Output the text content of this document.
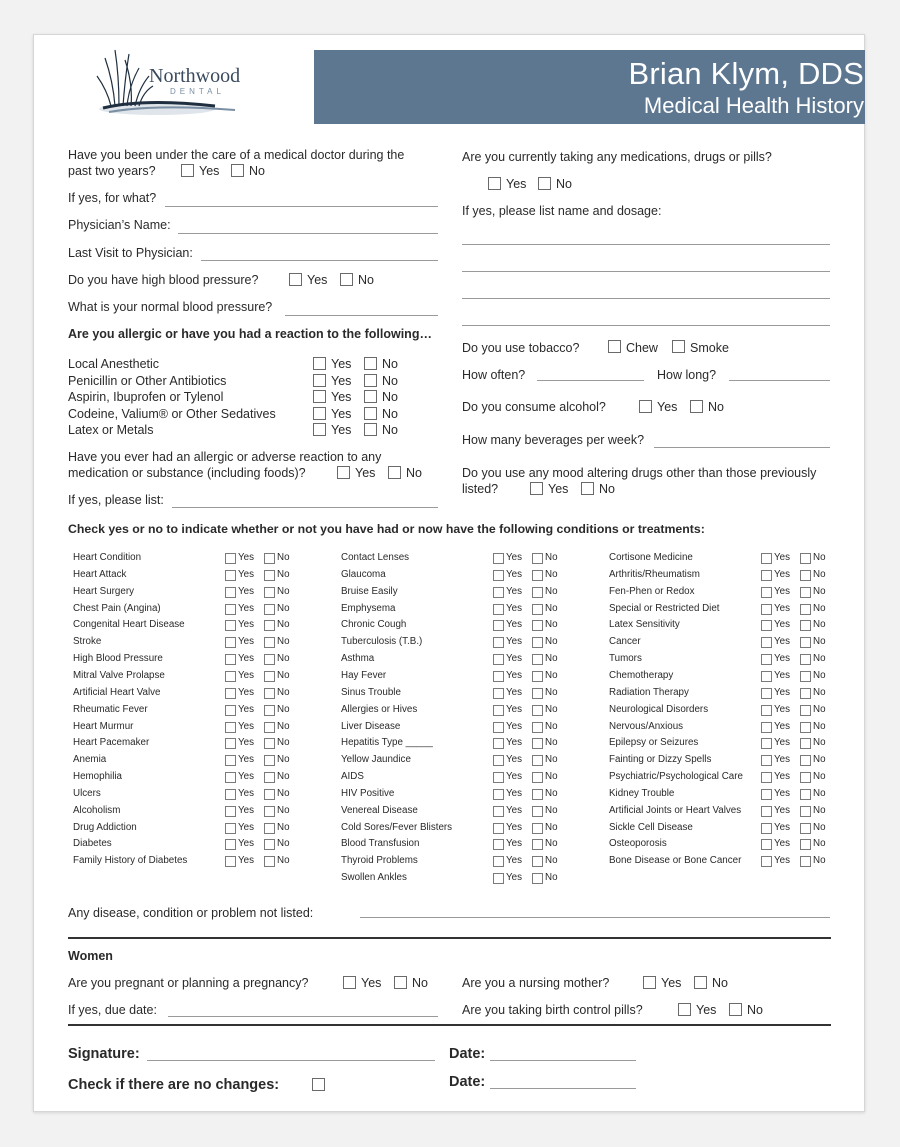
Northwood
DENTAL
Brian Klym, DDS
Medical Health History
Have you been under the care of a medical doctor during the
past two years?	Yes No
If yes, for what?
Physician’s Name:
Last Visit to Physician:
Do you have high blood pressure?	Yes No
What is your normal blood pressure?
Are you allergic or have you had a reaction to the following…
Local Anesthetic	Yes No
Penicillin or Other Antibiotics	Yes No
Aspirin, Ibuprofen or Tylenol	Yes No
Codeine, Valium® or Other Sedatives	Yes No
Latex or Metals	Yes No
Have you ever had an allergic or adverse reaction to any
medication or substance (including foods)?	Yes No
If yes, please list:
Are you currently taking any medications, drugs or pills?
Yes No
If yes, please list name and dosage:
Do you use tobacco?	Chew	Smoke
How often?	How long?
Do you consume alcohol?	Yes No
How many beverages per week?
Do you use any mood altering drugs other than those previously
listed?	Yes No
Check yes or no to indicate whether or not you have had or now have the following conditions or treatments:
Heart Condition	Yes No
Heart Attack	Yes No
Heart Surgery	Yes No
Chest Pain (Angina)	Yes No
Congenital Heart Disease	Yes No
Stroke	Yes No
High Blood Pressure	Yes No
Mitral Valve Prolapse	Yes No
Artificial Heart Valve	Yes No
Rheumatic Fever	Yes No
Heart Murmur	Yes No
Heart Pacemaker	Yes No
Anemia	Yes No
Hemophilia	Yes No
Ulcers	Yes No
Alcoholism	Yes No
Drug Addiction	Yes No
Diabetes	Yes No
Family History of Diabetes	Yes No
Contact Lenses	Yes No
Glaucoma	Yes No
Bruise Easily	Yes No
Emphysema	Yes No
Chronic Cough	Yes No
Tuberculosis (T.B.)	Yes No
Asthma	Yes No
Hay Fever	Yes No
Sinus Trouble	Yes No
Allergies or Hives	Yes No
Liver Disease	Yes No
Hepatitis Type _____	Yes No
Yellow Jaundice	Yes No
AIDS	Yes No
HIV Positive	Yes No
Venereal Disease	Yes No
Cold Sores/Fever Blisters	Yes No
Blood Transfusion	Yes No
Thyroid Problems	Yes No
Swollen Ankles	Yes No
Cortisone Medicine	Yes No
Arthritis/Rheumatism	Yes No
Fen-Phen or Redox	Yes No
Special or Restricted Diet	Yes No
Latex Sensitivity	Yes No
Cancer	Yes No
Tumors	Yes No
Chemotherapy	Yes No
Radiation Therapy	Yes No
Neurological Disorders	Yes No
Nervous/Anxious	Yes No
Epilepsy or Seizures	Yes No
Fainting or Dizzy Spells	Yes No
Psychiatric/Psychological Care	Yes No
Kidney Trouble	Yes No
Artificial Joints or Heart Valves	Yes No
Sickle Cell Disease	Yes No
Osteoporosis	Yes No
Bone Disease or Bone Cancer	Yes No
Any disease, condition or problem not listed:
Women
Are you pregnant or planning a pregnancy?	Yes No
If yes, due date:
Are you a nursing mother?	Yes No
Are you taking birth control pills?	Yes No
Signature:	Date:
Check if there are no changes:	Date:
